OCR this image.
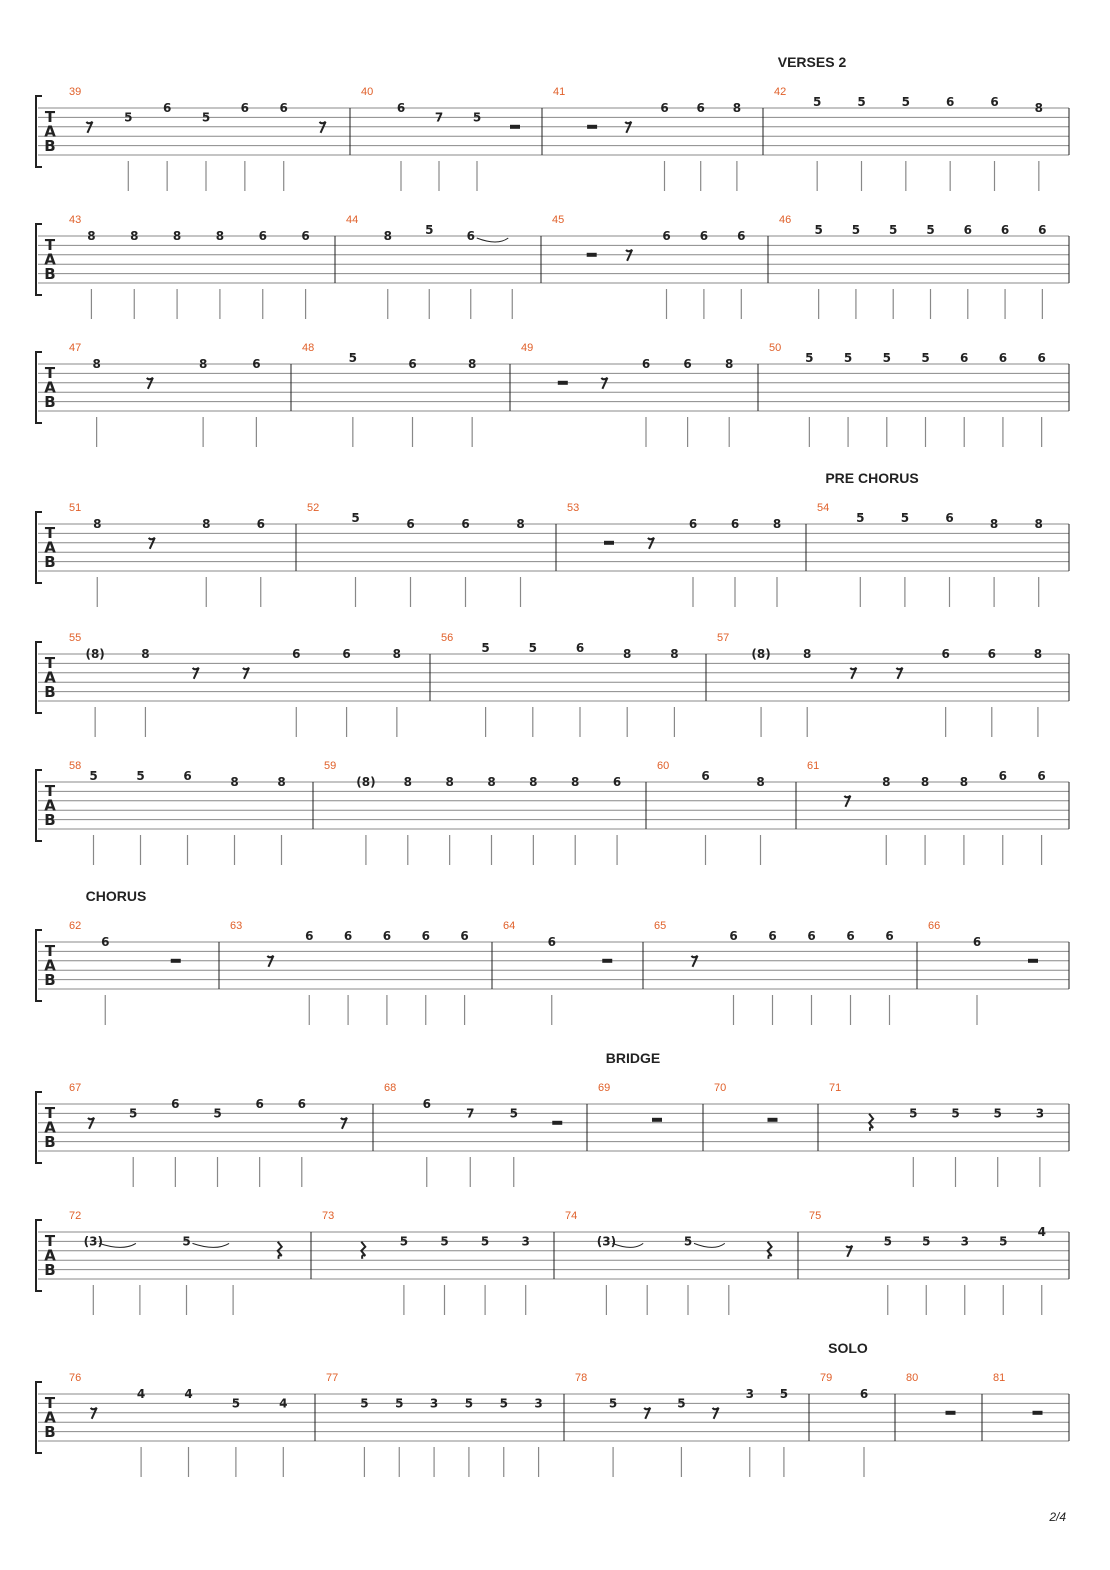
VERSES 2
T
A
B
39
5
6
5
6	6
40
6
7 5
41
6 6 8
42
5	5	5	6	6	8
T
A
B
43
8	8	8	8	6	6
44
8	5	6
45
6 6 6
46
5 5 5 5 6 6 6
T
A
B
47
8	8	6
48
5	6	8
49
6	6	8
50
5	5	5	5	6	6	6
PRE CHORUS
T
A
B
51
8	8	6
52
5	6	6	8
53
6	6	8
54
5	5	6	8	8
T
A
B
55
(8)	8	6	6	8
56
5	5	6	8	8
57
(8)	8	6	6	8
T
A
B
58
5	5	6	8	8
59
(8) 8	8	8	8	8	6
60
6	8
61
8	8	8	6	6
CHORUS
T
A
B
62
6
63
6	6	6	6	6
64
6
65
6	6	6	6	6
66
6
BRIDGE
T
A
B
67
5
6
5
6	6
68
6
7	5
69	70	71
5	5	5	3
T
A
B
72
(3)	5
73
5	5	5	3
74
(3)	5
75
5	5	3	5
4
SOLO
T
A
B
76
4	4
5	4
77
5 5 3 5 5 3
78
5	5
3 5
79
6
80	81
2/4
